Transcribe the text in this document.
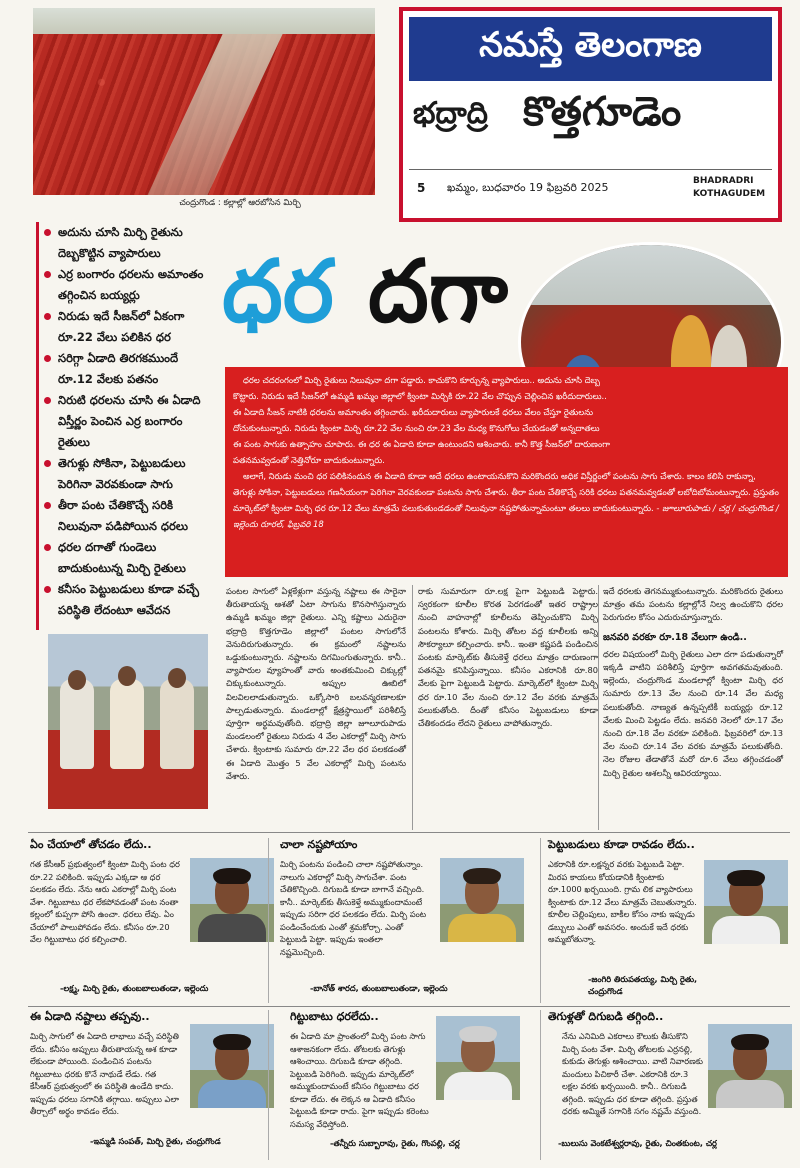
చంద్రుగొండ : కల్లాల్లో ఆరబోసిన మిర్చి
నమస్తే తెలంగాణ
భద్రాద్రి కొత్తగూడెం
5 ఖమ్మం, బుధవారం 19 ఫిబ్రవరి 2025	BHADRADRI
KOTHAGUDEM
అదును చూసి మిర్చి రైతును దెబ్బకొట్టిన వ్యాపారులు
ఎర్ర బంగారం ధరలను అమాంతం తగ్గించిన బయ్యర్లు
నిరుడు ఇదే సీజన్‌లో ఏకంగా రూ.22 వేలు పలికిన ధర
సరిగ్గా ఏడాది తిరగకముందే రూ.12 వేలకు పతనం
నిరుటి ధరలను చూసి ఈ ఏడాది విస్తీర్ణం పెంచిన ఎర్ర బంగారం రైతులు
తెగుళ్లు సోకినా, పెట్టుబడులు పెరిగినా వెరవకుండా సాగు
తీరా పంట చేతికొచ్చే సరికి నిలువునా పడిపోయిన ధరలు
ధరల దగాతో గుండెలు బాదుకుంటున్న మిర్చి రైతులు
కనీసం పెట్టుబడులు కూడా వచ్చే పరిస్థితి లేదంటూ ఆవేదన
ధర దగా

ధరల చదరంగంలో మిర్చి రైతులు నిలువునా దగా పడ్డారు. కాచుకొని కూర్చున్న వ్యాపారులు.. అదును చూసి దెబ్బ కొట్టారు. నిరుడు ఇదే సీజన్‌లో ఉమ్మడి ఖమ్మం జిల్లాలో క్వింటా మిర్చికి రూ.22 వేల చొప్పున చెల్లించిన ఖరీదుదారులు.. ఈ ఏడాది సీజన్ నాటికి ధరలను అమాంతం తగ్గించారు. ఖరీదుదారులు వ్యాపారులకే ధరలు వేలం చేస్తూ రైతులను దోచుకుంటున్నారు. నిరుడు క్వింటా మిర్చి రూ.22 వేల నుంచి రూ.23 వేల మధ్య కొనుగోలు చేయడంతో అన్నదాతలు ఈ పంట సాగుకు ఉత్సాహం చూపారు. ఈ ధర ఈ ఏడాది కూడా ఉంటుందని ఆశించారు. కానీ కొత్త సీజన్‌లో దారుణంగా పతనమవ్వడంతో నెత్తినోరూ బాదుకుంటున్నారు.

అలాగే, నిరుడు మంచి ధర పలికినందున ఈ ఏడాది కూడా అదే ధరలు ఉంటాయనుకొని మరికొందరు అధిక విస్తీర్ణంలో పంటను సాగు చేశారు. కాలం కలిసి రాకున్నా, తెగుళ్లు సోకినా, పెట్టుబడులు గణనీయంగా పెరిగినా వెరవకుండా పంటను సాగు చేశారు. తీరా పంట చేతికొచ్చే సరికి ధరలు పతనమవ్వడంతో లబోదిబోమంటున్నారు. ప్రస్తుతం మార్కెట్‌లో క్వింటా మిర్చి ధర రూ.12 వేలు మాత్రమే పలుకుతుండడంతో నిలువునా నష్టపోతున్నామంటూ తలలు బాదుకుంటున్నారు. - జూలూరుపాడు / చర్ల / చంద్రుగొండ / ఇల్లెందు రూరల్, ఫిబ్రవరి 18

పంటల సాగులో ఏళ్లకేళ్లుగా వస్తున్న నష్టాలు ఈ సారైనా తీరుతాయన్న ఆశతో ఏటా సాగును కొనసాగిస్తున్నారు ఉమ్మడి ఖమ్మం జిల్లా రైతులు. ఎన్ని కష్టాలు ఎదురైనా భద్రాద్రి కొత్తగూడెం జిల్లాలో పంటల సాగులోనే వెనుదిరుగుతున్నారు. ఈ క్రమంలో నష్టాలను ఒడ్డుకుంటున్నారు. నష్టాలను దిగమింగుతున్నారు. కానీ.. వ్యాపారుల వ్యూహంతో వారు అంతకుమించి చిక్కుల్లో చిక్కుకుంటున్నారు. అప్పుల ఊబిలో విలవిలలాడుతున్నారు. ఒక్కోసారి బలవన్మరణాలకూ పాల్పడుతున్నారు. మండలాల్లో క్షేత్రస్థాయిలో పరిశీలిస్తే పూర్తిగా అర్థమవుతోంది. భద్రాద్రి జిల్లా జూలూరుపాడు మండలంలో రైతులు నిరుడు 4 వేల ఎకరాల్లో మిర్చి సాగు చేశారు. క్వింటాకు సుమారు రూ.22 వేల ధర పలకడంతో ఈ ఏడాది మొత్తం 5 వేల ఎకరాల్లో మిర్చి పంటను వేశారు.
రాకు సుమారుగా రూ.లక్ష పైగా పెట్టుబడి పెట్టారు. స్వరకంగా కూలీల కొరత పెరగడంతో ఇతర రాష్ట్రాల నుంచి వాహనాల్లో కూలీలను తెప్పించుకొని మిర్చి పంటలను కోశారు. మిర్చి తోటల వద్ద కూలీలకు అన్ని సౌకర్యాలూ కల్పించారు. కానీ.. ఇంతా కష్టపడి పండించిన పంటకు మార్కెట్‌కు తీసుకెళ్తే ధరలు మాత్రం దారుణంగా పతనమై కనిపిస్తున్నాయి. కనీసం ఎకరానికి రూ.80 వేలకు పైగా పెట్టుబడి పెట్టారు. మార్కెట్‌లో క్వింటా మిర్చి ధర రూ.10 వేల నుంచి రూ.12 వేల వరకు మాత్రమే పలుకుతోంది. దీంతో కనీసం పెట్టుబడులు కూడా చేతికందడం లేదని రైతులు వాపోతున్నారు.
ఇదే ధరలకు తెగనమ్ముకుంటున్నారు. మరికొందరు రైతులు మాత్రం తమ పంటను కల్లాల్లోనే నిల్వ ఉంచుకొని ధరల పెరుగుదల కోసం ఎదురుచూస్తున్నారు.
జనవరి వరకూ రూ.18 వేలుగా ఉండి..
ధరల విషయంలో మిర్చి రైతులు ఎలా దగా పడుతున్నారో ఇక్కడి వాటిని పరిశీలిస్తే పూర్తిగా అవగతమవుతుంది. ఇల్లెందు, చంద్రుగొండ మండలాల్లో క్వింటా మిర్చి ధర సుమారు రూ.13 వేల నుంచి రూ.14 వేల మధ్య పలుకుతోంది. నాణ్యత ఉన్నప్పటికీ బయ్యర్లు రూ.12 వేలకు మించి పెట్టడం లేదు. జనవరి నెలలో రూ.17 వేల నుంచి రూ.18 వేల వరకూ పలికింది. ఫిబ్రవరిలో రూ.13 వేల నుంచి రూ.14 వేల వరకు మాత్రమే పలుకుతోంది. నెల రోజుల తేడాతోనే మరో రూ.6 వేలు తగ్గించడంతో మిర్చి రైతుల ఆశలన్నీ ఆవిరయ్యాయి.
ఏం చేయాలో తోచడం లేదు..
గత కేసీఆర్ ప్రభుత్వంలో క్వింటా మిర్చి పంట ధర రూ.22 పలికింది. ఇప్పుడు ఎక్కడా ఆ ధర పలకడం లేదు. నేను ఆరు ఎకరాల్లో మిర్చి పంట వేశా. గిట్టుబాటు ధర లేకపోవడంతో పంట నంతా కల్లంలో కుప్పగా పోసి ఉంచా. ధరలు లేవు. ఏం చేయాలో పాలుపోవడం లేదు. కనీసం రూ.20 వేల గిట్టుబాటు ధర కల్పించాలి.
-లక్ష్మ, మిర్చి రైతు, తుంబబాలుతండా, ఇల్లెందు
చాలా నష్టపోయాం
మిర్చి పంటను పండించి చాలా నష్టపోతున్నాం. నాలుగు ఎకరాల్లో మిర్చి సాగుచేశా. పంట చేతికొచ్చింది. దిగుబడి కూడా బాగానే వచ్చింది. కానీ.. మార్కెట్‌కు తీసుకెళ్తే అమ్ముకుందామంటే ఇప్పుడు సరిగా ధర పలకడం లేదు. మిర్చి పంట పండించేందుకు ఎంతో శ్రమకోర్చా. ఎంతో పెట్టుబడి పెట్టా. ఇప్పుడు ఇంతలా నష్టమొచ్చింది.
-బానోత్ శారద, తుంబబాలుతండా, ఇల్లెందు
పెట్టుబడులు కూడా రావడం లేదు..
ఎకరానికి రూ.లక్షన్నర వరకు పెట్టుబడి పెట్టా. మిరప కాయలు కోయడానికి క్వింటాకు రూ.1000 ఖర్చయింది. గ్రామ లిక వ్యాపారులు క్వింటాకు రూ.12 వేలు మాత్రమే చెబుతున్నారు. కూలీల చెల్లింపులు, బాకీల కోసం నాకు ఇప్పుడు డబ్బులు ఎంతో అవసరం. అందుకే ఇదే ధరకు అమ్మబోతున్నా.
-జంగిరి తిరుపతయ్య, మిర్చి రైతు, చంద్రుగొండ
ఈ ఏడాది నష్టాలు తప్పవు..
మిర్చి సాగులో ఈ ఏడాది లాభాలు వచ్చే పరిస్థితి లేదు. కనీసం అప్పులు తీరుతాయన్న ఆశ కూడా లేకుండా పోయింది. పండించిన పంటను గిట్టుబాటు ధరకు కొనే నాథుడే లేడు. గత కేసీఆర్ ప్రభుత్వంలో ఈ పరిస్థితి ఉండేది కాదు. ఇప్పుడు ధరలు సగానికి తగ్గాయి. అప్పులు ఎలా తీర్చాలో అర్థం కావడం లేదు.
-ఇమ్మడి సంపత్, మిర్చి రైతు, చంద్రుగొండ
గిట్టుబాటు ధరలేదు..
ఈ ఏడాది మా ప్రాంతంలో మిర్చి పంట సాగు ఆశాజనకంగా లేదు. తోటలకు తెగుళ్లు ఆశించాయి. దిగుబడి కూడా తగ్గింది. పెట్టుబడి పెరిగింది. ఇప్పుడు మార్కెట్‌లో అమ్ముకుందామంటే కనీసం గిట్టుబాటు ధర కూడా లేదు. ఈ లెక్కన ఆ ఏడాది కనీసం పెట్టుబడి కూడా రాదు. పైగా ఇప్పుడు కరెంటు సమస్య వేధిస్తోంది.
-తన్నీరు సుబ్బారావు, రైతు, గొంపల్లి, చర్ల
తెగుళ్లతో దిగుబడి తగ్గింది..
నేను ఎనిమిది ఎకరాలు కౌలుకు తీసుకొని మిర్చి పంట వేశా. మిర్చి తోటలకు ఎర్రనల్లి, కుకుడు తెగుళ్లు ఆశించాయి. వాటి నివారణకు మందులు పిచికారీ చేశా. ఎకరానికి రూ.3 లక్షల వరకు ఖర్చయింది. కానీ.. దిగుబడి తగ్గింది. ఇప్పుడు ధర కూడా తగ్గింది. ప్రస్తుత ధరకు అమ్మితే సగానికి సగం నష్టమే వస్తుంది.
-బులుసు వెంకటేశ్వర్లరావు, రైతు, చింతకుంట, చర్ల
